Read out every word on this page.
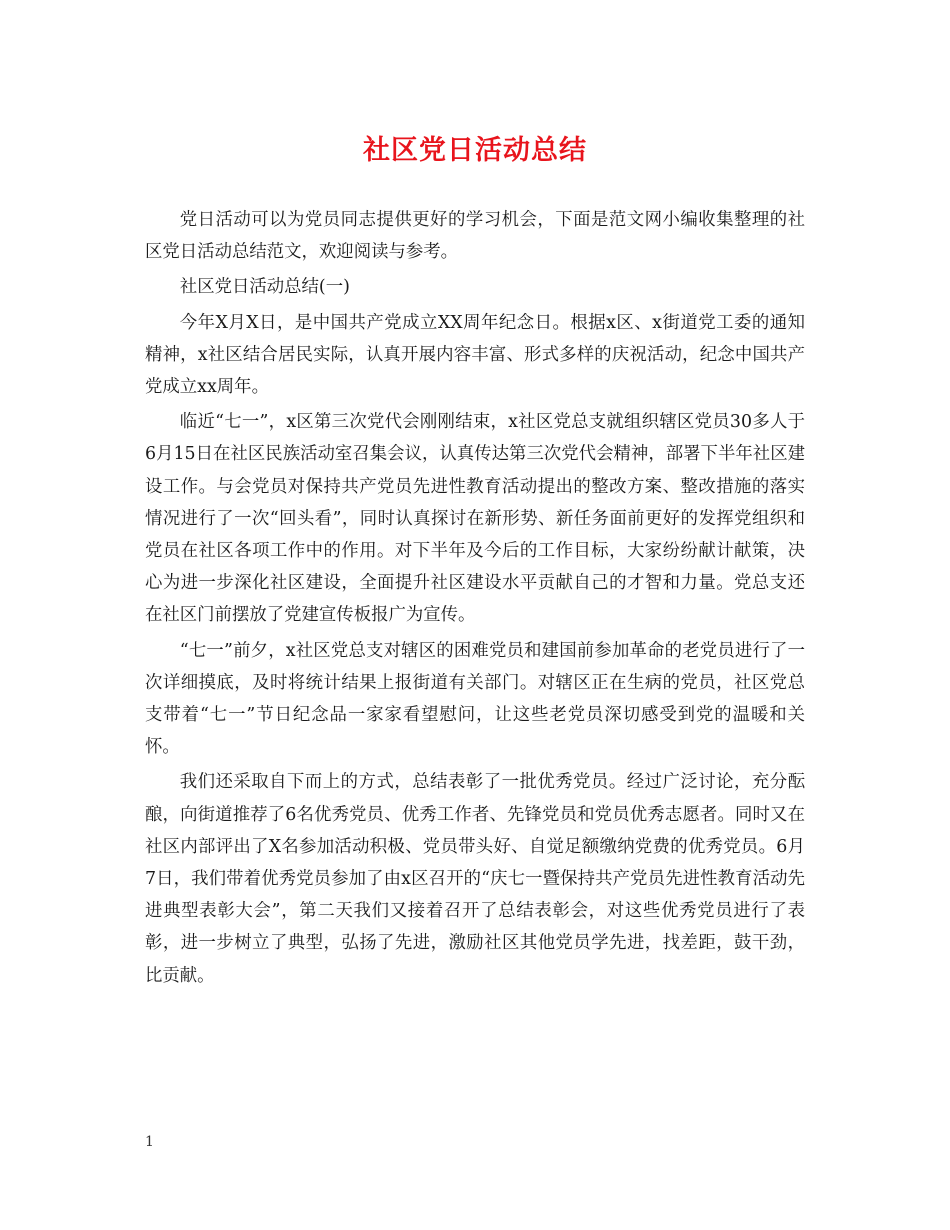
社区党日活动总结

党日活动可以为党员同志提供更好的学习机会，下面是范文网小编收集整理的社区党日活动总结范文，欢迎阅读与参考。

社区党日活动总结(一)

今年X月X日，是中国共产党成立XX周年纪念日。根据x区、x街道党工委的通知精神，x社区结合居民实际，认真开展内容丰富、形式多样的庆祝活动，纪念中国共产党成立xx周年。

临近“七一”，x区第三次党代会刚刚结束，x社区党总支就组织辖区党员30多人于6月15日在社区民族活动室召集会议，认真传达第三次党代会精神，部署下半年社区建设工作。与会党员对保持共产党员先进性教育活动提出的整改方案、整改措施的落实情况进行了一次“回头看”，同时认真探讨在新形势、新任务面前更好的发挥党组织和党员在社区各项工作中的作用。对下半年及今后的工作目标，大家纷纷献计献策，决心为进一步深化社区建设，全面提升社区建设水平贡献自己的才智和力量。党总支还在社区门前摆放了党建宣传板报广为宣传。

“七一”前夕，x社区党总支对辖区的困难党员和建国前参加革命的老党员进行了一次详细摸底，及时将统计结果上报街道有关部门。对辖区正在生病的党员，社区党总支带着“七一”节日纪念品一家家看望慰问，让这些老党员深切感受到党的温暖和关怀。

我们还采取自下而上的方式，总结表彰了一批优秀党员。经过广泛讨论，充分酝酿，向街道推荐了6名优秀党员、优秀工作者、先锋党员和党员优秀志愿者。同时又在社区内部评出了X名参加活动积极、党员带头好、自觉足额缴纳党费的优秀党员。6月7日，我们带着优秀党员参加了由x区召开的“庆七一暨保持共产党员先进性教育活动先进典型表彰大会”，第二天我们又接着召开了总结表彰会，对这些优秀党员进行了表彰，进一步树立了典型，弘扬了先进，激励社区其他党员学先进，找差距，鼓干劲，比贡献。

1
